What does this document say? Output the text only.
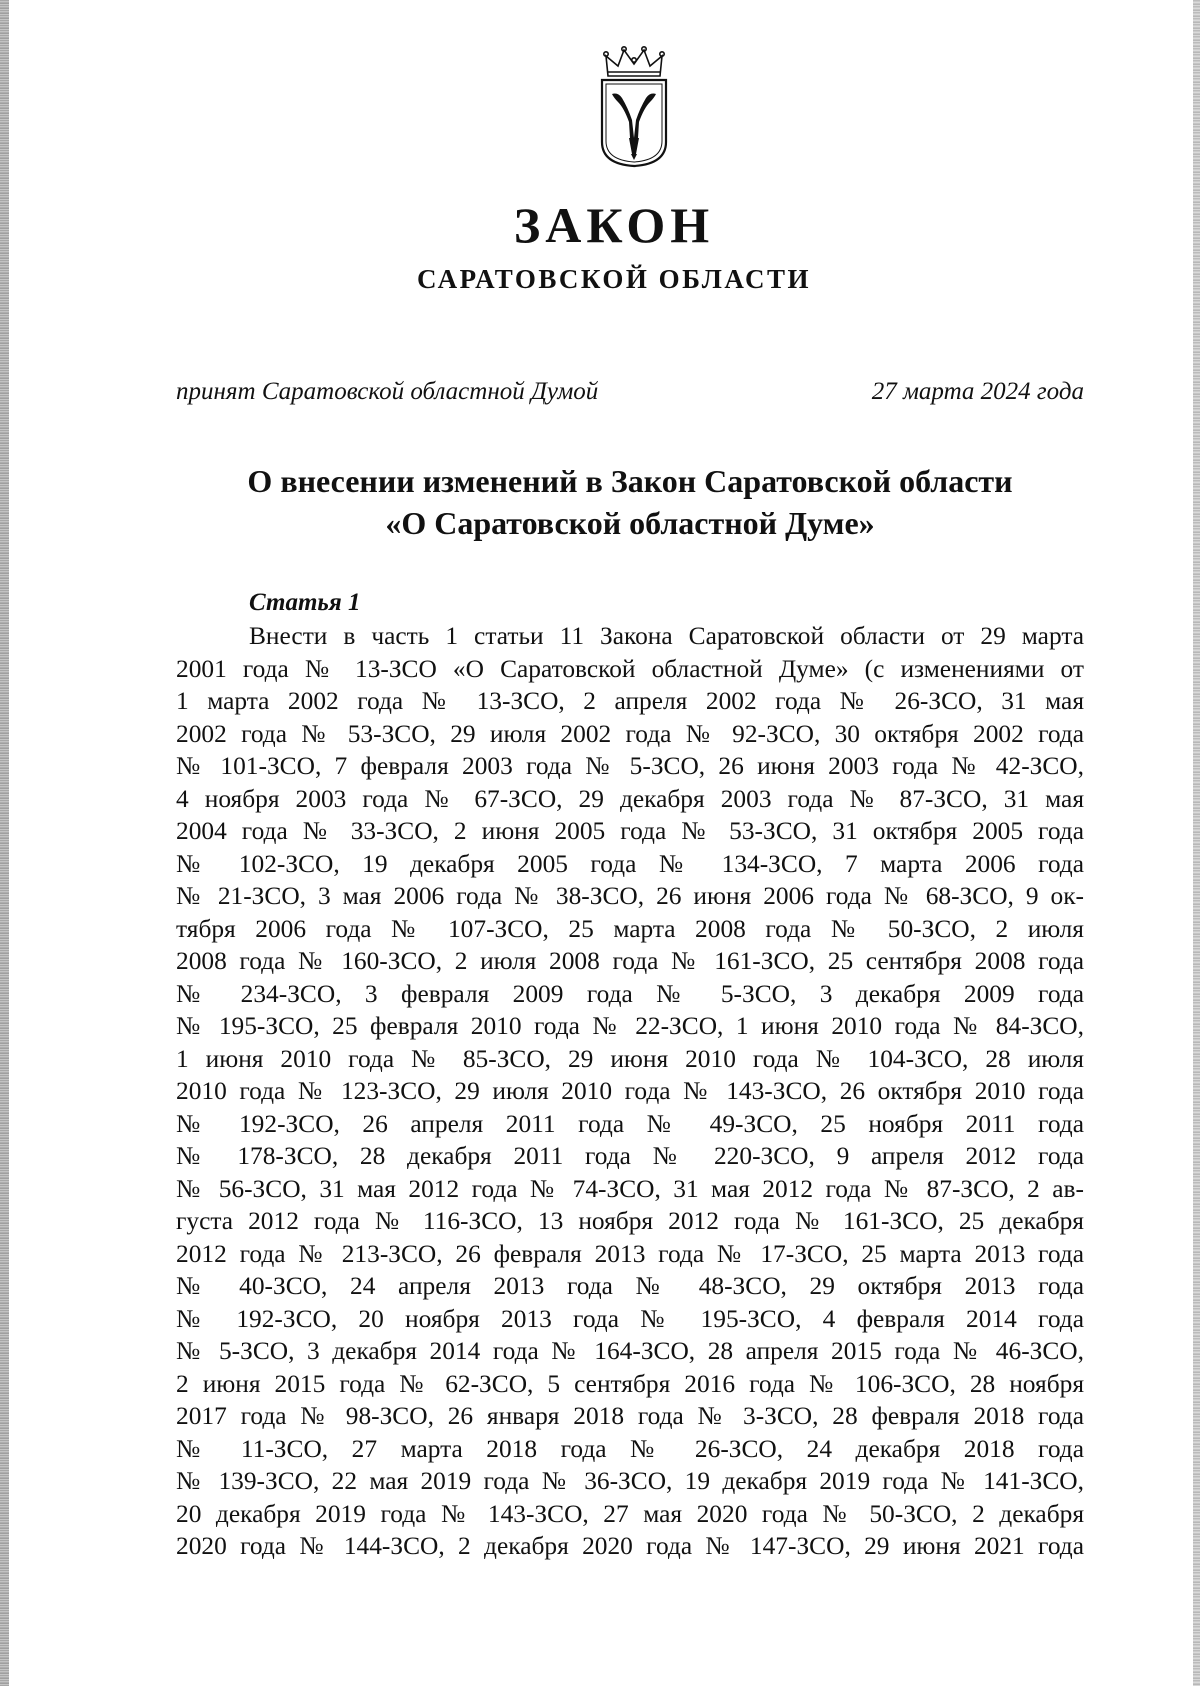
ЗАКОН
САРАТОВСКОЙ ОБЛАСТИ
принят Саратовской областной Думой	27 марта 2024 года
О внесении изменений в Закон Саратовской области
«О Саратовской областной Думе»
Статья 1
Внести в часть 1 статьи 11 Закона Саратовской области от 29 марта
2001 года № 13-ЗСО «О Саратовской областной Думе» (с изменениями от
1 марта 2002 года № 13-ЗСО, 2 апреля 2002 года № 26-ЗСО, 31 мая
2002 года № 53-ЗСО, 29 июля 2002 года № 92-ЗСО, 30 октября 2002 года
№ 101-ЗСО, 7 февраля 2003 года № 5-ЗСО, 26 июня 2003 года № 42-ЗСО,
4 ноября 2003 года № 67-ЗСО, 29 декабря 2003 года № 87-ЗСО, 31 мая
2004 года № 33-ЗСО, 2 июня 2005 года № 53-ЗСО, 31 октября 2005 года
№ 102-ЗСО, 19 декабря 2005 года № 134-ЗСО, 7 марта 2006 года
№ 21-ЗСО, 3 мая 2006 года № 38-ЗСО, 26 июня 2006 года № 68-ЗСО, 9 ок-
тября 2006 года № 107-ЗСО, 25 марта 2008 года № 50-ЗСО, 2 июля
2008 года № 160-ЗСО, 2 июля 2008 года № 161-ЗСО, 25 сентября 2008 года
№ 234-ЗСО, 3 февраля 2009 года № 5-ЗСО, 3 декабря 2009 года
№ 195-ЗСО, 25 февраля 2010 года № 22-ЗСО, 1 июня 2010 года № 84-ЗСО,
1 июня 2010 года № 85-ЗСО, 29 июня 2010 года № 104-ЗСО, 28 июля
2010 года № 123-ЗСО, 29 июля 2010 года № 143-ЗСО, 26 октября 2010 года
№ 192-ЗСО, 26 апреля 2011 года № 49-ЗСО, 25 ноября 2011 года
№ 178-ЗСО, 28 декабря 2011 года № 220-ЗСО, 9 апреля 2012 года
№ 56-ЗСО, 31 мая 2012 года № 74-ЗСО, 31 мая 2012 года № 87-ЗСО, 2 ав-
густа 2012 года № 116-ЗСО, 13 ноября 2012 года № 161-ЗСО, 25 декабря
2012 года № 213-ЗСО, 26 февраля 2013 года № 17-ЗСО, 25 марта 2013 года
№ 40-ЗСО, 24 апреля 2013 года № 48-ЗСО, 29 октября 2013 года
№ 192-ЗСО, 20 ноября 2013 года № 195-ЗСО, 4 февраля 2014 года
№ 5-ЗСО, 3 декабря 2014 года № 164-ЗСО, 28 апреля 2015 года № 46-ЗСО,
2 июня 2015 года № 62-ЗСО, 5 сентября 2016 года № 106-ЗСО, 28 ноября
2017 года № 98-ЗСО, 26 января 2018 года № 3-ЗСО, 28 февраля 2018 года
№ 11-ЗСО, 27 марта 2018 года № 26-ЗСО, 24 декабря 2018 года
№ 139-ЗСО, 22 мая 2019 года № 36-ЗСО, 19 декабря 2019 года № 141-ЗСО,
20 декабря 2019 года № 143-ЗСО, 27 мая 2020 года № 50-ЗСО, 2 декабря
2020 года № 144-ЗСО, 2 декабря 2020 года № 147-ЗСО, 29 июня 2021 года
